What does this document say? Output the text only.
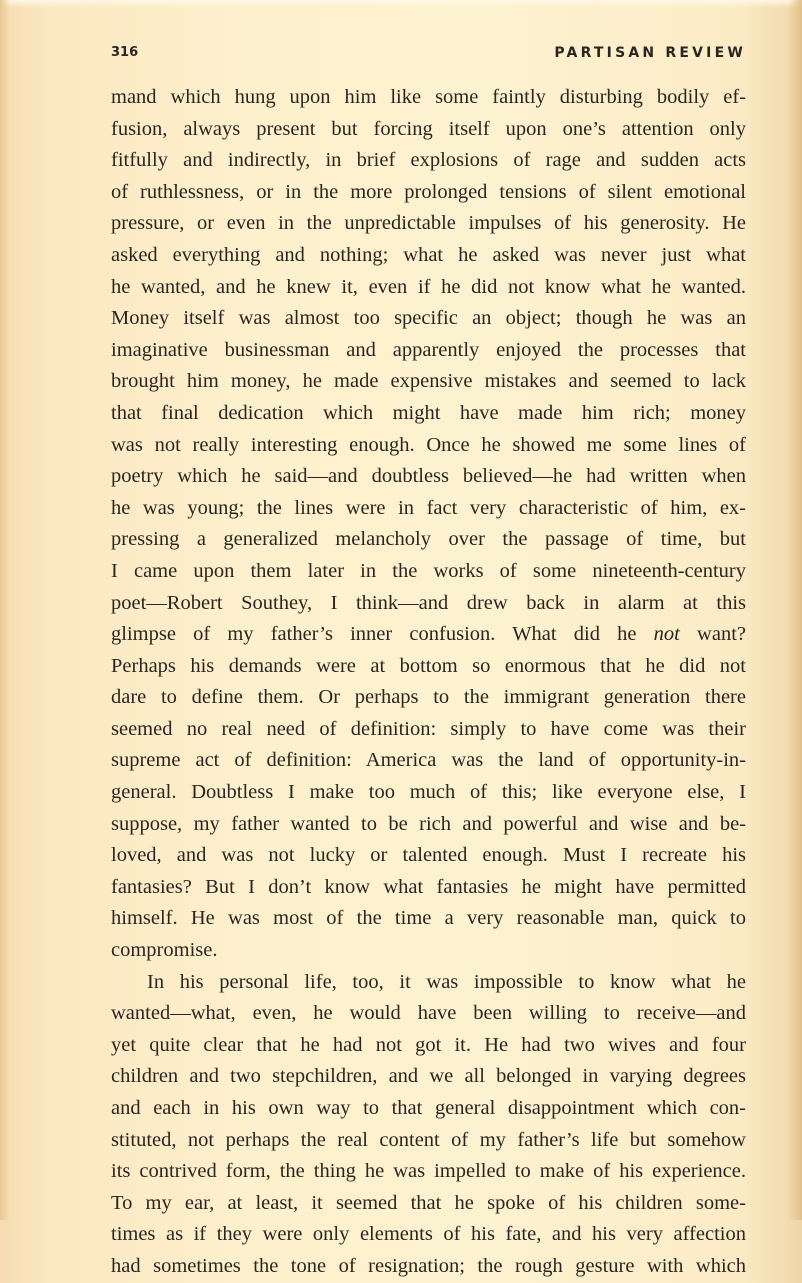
316	PARTISAN REVIEW
mand which hung upon him like some faintly disturbing bodily ef-
fusion, always present but forcing itself upon one’s attention only
fitfully and indirectly, in brief explosions of rage and sudden acts
of ruthlessness, or in the more prolonged tensions of silent emotional
pressure, or even in the unpredictable impulses of his generosity. He
asked everything and nothing; what he asked was never just what
he wanted, and he knew it, even if he did not know what he wanted.
Money itself was almost too specific an object; though he was an
imaginative businessman and apparently enjoyed the processes that
brought him money, he made expensive mistakes and seemed to lack
that final dedication which might have made him rich; money
was not really interesting enough. Once he showed me some lines of
poetry which he said—and doubtless believed—he had written when
he was young; the lines were in fact very characteristic of him, ex-
pressing a generalized melancholy over the passage of time, but
I came upon them later in the works of some nineteenth-century
poet—Robert Southey, I think—and drew back in alarm at this
glimpse of my father’s inner confusion. What did he not want?
Perhaps his demands were at bottom so enormous that he did not
dare to define them. Or perhaps to the immigrant generation there
seemed no real need of definition: simply to have come was their
supreme act of definition: America was the land of opportunity-in-
general. Doubtless I make too much of this; like everyone else, I
suppose, my father wanted to be rich and powerful and wise and be-
loved, and was not lucky or talented enough. Must I recreate his
fantasies? But I don’t know what fantasies he might have permitted
himself. He was most of the time a very reasonable man, quick to
compromise.
In his personal life, too, it was impossible to know what he
wanted—what, even, he would have been willing to receive—and
yet quite clear that he had not got it. He had two wives and four
children and two stepchildren, and we all belonged in varying degrees
and each in his own way to that general disappointment which con-
stituted, not perhaps the real content of my father’s life but somehow
its contrived form, the thing he was impelled to make of his experience.
To my ear, at least, it seemed that he spoke of his children some-
times as if they were only elements of his fate, and his very affection
had sometimes the tone of resignation; the rough gesture with which
